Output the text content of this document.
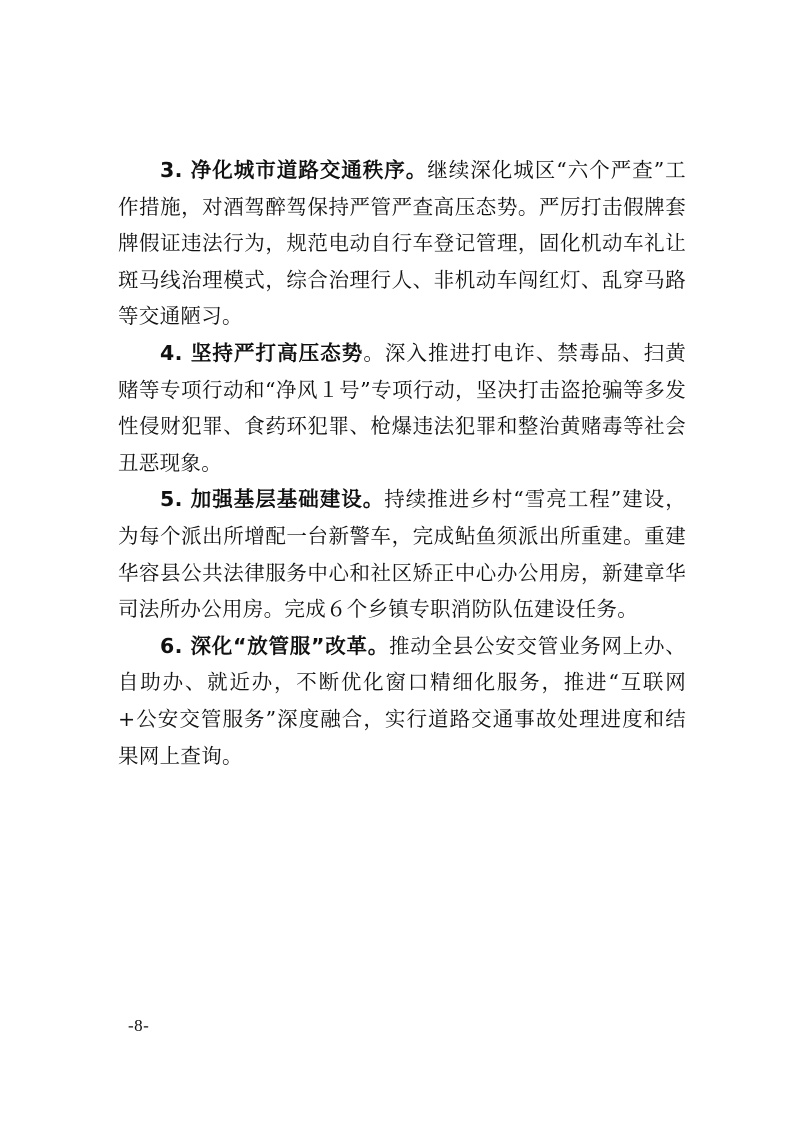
3. 净化城市道路交通秩序。继续深化城区“六个严查”工作措施，对酒驾醉驾保持严管严查高压态势。严厉打击假牌套牌假证违法行为，规范电动自行车登记管理，固化机动车礼让斑马线治理模式，综合治理行人、非机动车闯红灯、乱穿马路等交通陋习。

4. 坚持严打高压态势。深入推进打电诈、禁毒品、扫黄赌等专项行动和“净风１号”专项行动，坚决打击盗抢骗等多发性侵财犯罪、食药环犯罪、枪爆违法犯罪和整治黄赌毒等社会丑恶现象。

5. 加强基层基础建设。持续推进乡村“雪亮工程”建设，为每个派出所增配一台新警车，完成鲇鱼须派出所重建。重建华容县公共法律服务中心和社区矫正中心办公用房，新建章华司法所办公用房。完成６个乡镇专职消防队伍建设任务。

6. 深化“放管服”改革。推动全县公安交管业务网上办、自助办、就近办，不断优化窗口精细化服务，推进“互联网+公安交管服务”深度融合，实行道路交通事故处理进度和结果网上查询。

-8-
